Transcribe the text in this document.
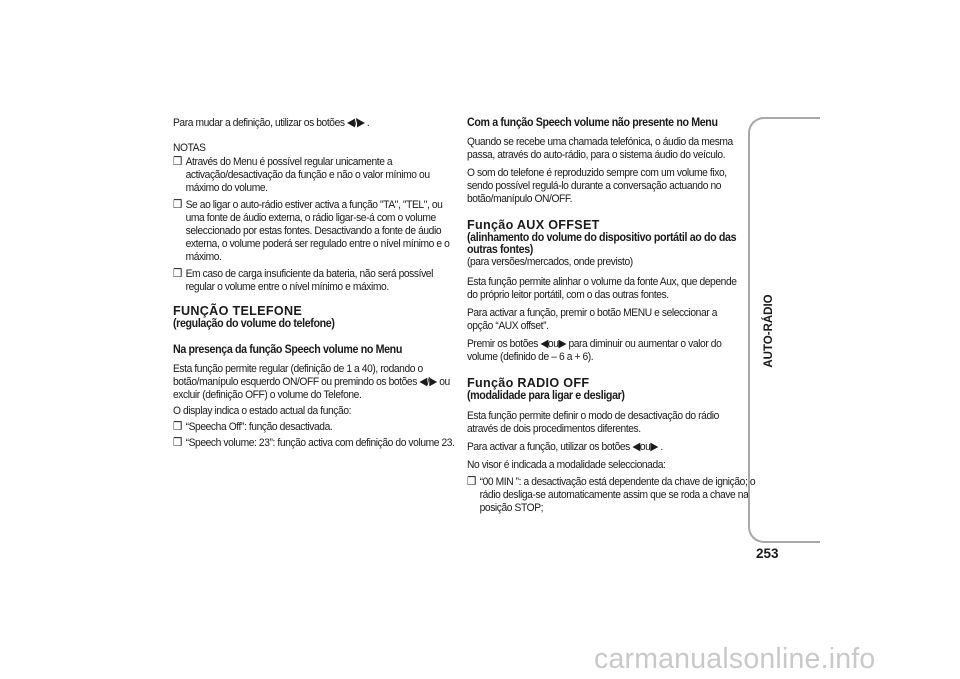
Para mudar a definição, utilizar os botões ◀/▶ .
NOTAS
❒ Através do Menu é possível regular unicamente a activação/desactivação da função e não o valor mínimo ou máximo do volume.
❒ Se ao ligar o auto-rádio estiver activa a função "TA", "TEL", ou uma fonte de áudio externa, o rádio ligar-se-á com o volume seleccionado por estas fontes. Desactivando a fonte de áudio externa, o volume poderá ser regulado entre o nível mínimo e o máximo.
❒ Em caso de carga insuficiente da bateria, não será possível regular o volume entre o nível mínimo e máximo.
FUNÇÃO TELEFONE
(regulação do volume do telefone)
Na presença da função Speech volume no Menu
Esta função permite regular (definição de 1 a 40), rodando o botão/manípulo esquerdo ON/OFF ou premindo os botões ◀/▶ ou excluir (definição OFF) o volume do Telefone.
O display indica o estado actual da função:
❒ “Speecha Off”: função desactivada.
❒ “Speech volume: 23”: função activa com definição do volume 23.
Com a função Speech volume não presente no Menu
Quando se recebe uma chamada telefónica, o áudio da mesma passa, através do auto-rádio, para o sistema áudio do veículo.
O som do telefone é reproduzido sempre com um volume fixo, sendo possível regulá-lo durante a conversação actuando no botão/manípulo ON/OFF.
Função AUX OFFSET
(alinhamento do volume do dispositivo portátil ao do das outras fontes)
(para versões/mercados, onde previsto)
Esta função permite alinhar o volume da fonte Aux, que depende do próprio leitor portátil, com o das outras fontes.
Para activar a função, premir o botão MENU e seleccionar a opção “AUX offset”.
Premir os botões ◀ou▶ para diminuir ou aumentar o valor do volume (definido de – 6 a + 6).
Função RADIO OFF
(modalidade para ligar e desligar)
Esta função permite definir o modo de desactivação do rádio através de dois procedimentos diferentes.
Para activar a função, utilizar os botões ◀ou▶ .
No visor é indicada a modalidade seleccionada:
❒ “00 MIN ”: a desactivação está dependente da chave de ignição; o rádio desliga-se automaticamente assim que se roda a chave na posição STOP;
AUTO-RÁDIO
253
carmanualsonline.info
